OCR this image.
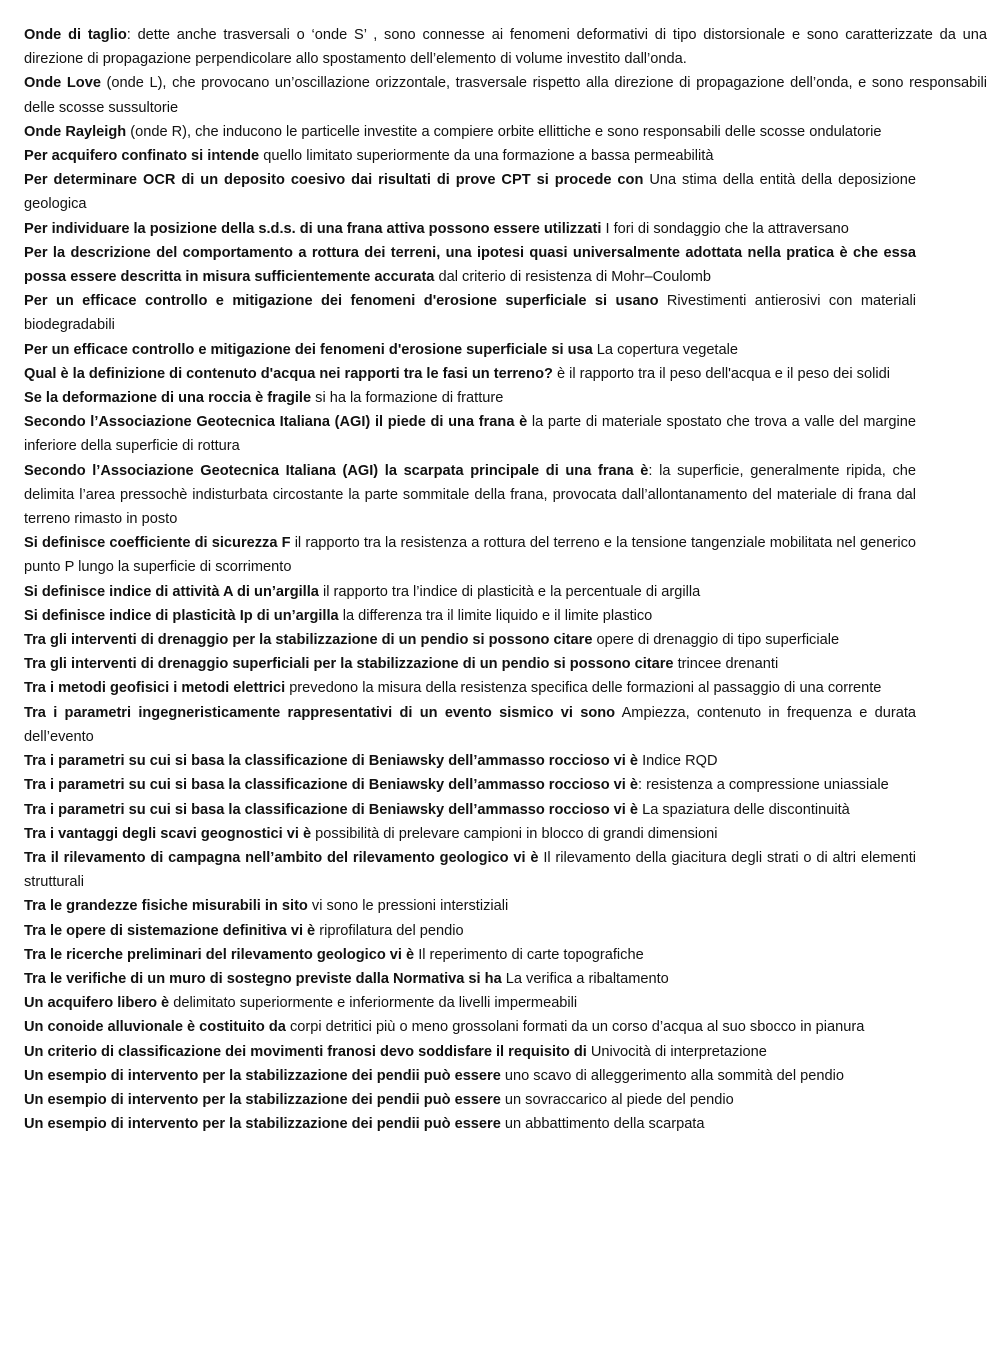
Onde di taglio: dette anche trasversali o ‘onde S’ , sono connesse ai fenomeni deformativi di tipo distorsionale e sono caratterizzate da una direzione di propagazione perpendicolare allo spostamento dell’elemento di volume investito dall’onda.

Onde Love (onde L), che provocano un’oscillazione orizzontale, trasversale rispetto alla direzione di propagazione dell’onda, e sono responsabili delle scosse sussultorie

Onde Rayleigh (onde R), che inducono le particelle investite a compiere orbite ellittiche e sono responsabili delle scosse ondulatorie

Per acquifero confinato si intende quello limitato superiormente da una formazione a bassa permeabilità

Per determinare OCR di un deposito coesivo dai risultati di prove CPT si procede con Una stima della entità della deposizione geologica

Per individuare la posizione della s.d.s. di una frana attiva possono essere utilizzati I fori di sondaggio che la attraversano

Per la descrizione del comportamento a rottura dei terreni, una ipotesi quasi universalmente adottata nella pratica è che essa possa essere descritta in misura sufficientemente accurata dal criterio di resistenza di Mohr–Coulomb

Per un efficace controllo e mitigazione dei fenomeni d'erosione superficiale si usano Rivestimenti antierosivi con materiali biodegradabili

Per un efficace controllo e mitigazione dei fenomeni d'erosione superficiale si usa La copertura vegetale

Qual è la definizione di contenuto d'acqua nei rapporti tra le fasi un terreno? è il rapporto tra il peso dell'acqua e il peso dei solidi

Se la deformazione di una roccia è fragile si ha la formazione di fratture

Secondo l’Associazione Geotecnica Italiana (AGI) il piede di una frana è la parte di materiale spostato che trova a valle del margine inferiore della superficie di rottura

Secondo l’Associazione Geotecnica Italiana (AGI) la scarpata principale di una frana è: la superficie, generalmente ripida, che delimita l’area pressochè indisturbata circostante la parte sommitale della frana, provocata dall’allontanamento del materiale di frana dal terreno rimasto in posto

Si definisce coefficiente di sicurezza F il rapporto tra la resistenza a rottura del terreno e la tensione tangenziale mobilitata nel generico punto P lungo la superficie di scorrimento

Si definisce indice di attività A di un’argilla il rapporto tra l’indice di plasticità e la percentuale di argilla

Si definisce indice di plasticità Ip di un’argilla la differenza tra il limite liquido e il limite plastico

Tra gli interventi di drenaggio per la stabilizzazione di un pendio si possono citare opere di drenaggio di tipo superficiale

Tra gli interventi di drenaggio superficiali per la stabilizzazione di un pendio si possono citare trincee drenanti

Tra i metodi geofisici i metodi elettrici prevedono la misura della resistenza specifica delle formazioni al passaggio di una corrente

Tra i parametri ingegneristicamente rappresentativi di un evento sismico vi sono Ampiezza, contenuto in frequenza e durata dell’evento

Tra i parametri su cui si basa la classificazione di Beniawsky dell’ammasso roccioso vi è Indice RQD

Tra i parametri su cui si basa la classificazione di Beniawsky dell’ammasso roccioso vi è: resistenza a compressione uniassiale

Tra i parametri su cui si basa la classificazione di Beniawsky dell’ammasso roccioso vi è La spaziatura delle discontinuità

Tra i vantaggi degli scavi geognostici vi è possibilità di prelevare campioni in blocco di grandi dimensioni

Tra il rilevamento di campagna nell’ambito del rilevamento geologico vi è Il rilevamento della giacitura degli strati o di altri elementi strutturali

Tra le grandezze fisiche misurabili in sito vi sono le pressioni interstiziali

Tra le opere di sistemazione definitiva vi è riprofilatura del pendio

Tra le ricerche preliminari del rilevamento geologico vi è Il reperimento di carte topografiche

Tra le verifiche di un muro di sostegno previste dalla Normativa si ha La verifica a ribaltamento

Un acquifero libero è delimitato superiormente e inferiormente da livelli impermeabili

Un conoide alluvionale è costituito da corpi detritici più o meno grossolani formati da un corso d’acqua al suo sbocco in pianura

Un criterio di classificazione dei movimenti franosi devo soddisfare il requisito di Univocità di interpretazione

Un esempio di intervento per la stabilizzazione dei pendii può essere uno scavo di alleggerimento alla sommità del pendio

Un esempio di intervento per la stabilizzazione dei pendii può essere un sovraccarico al piede del pendio

Un esempio di intervento per la stabilizzazione dei pendii può essere un abbattimento della scarpata
